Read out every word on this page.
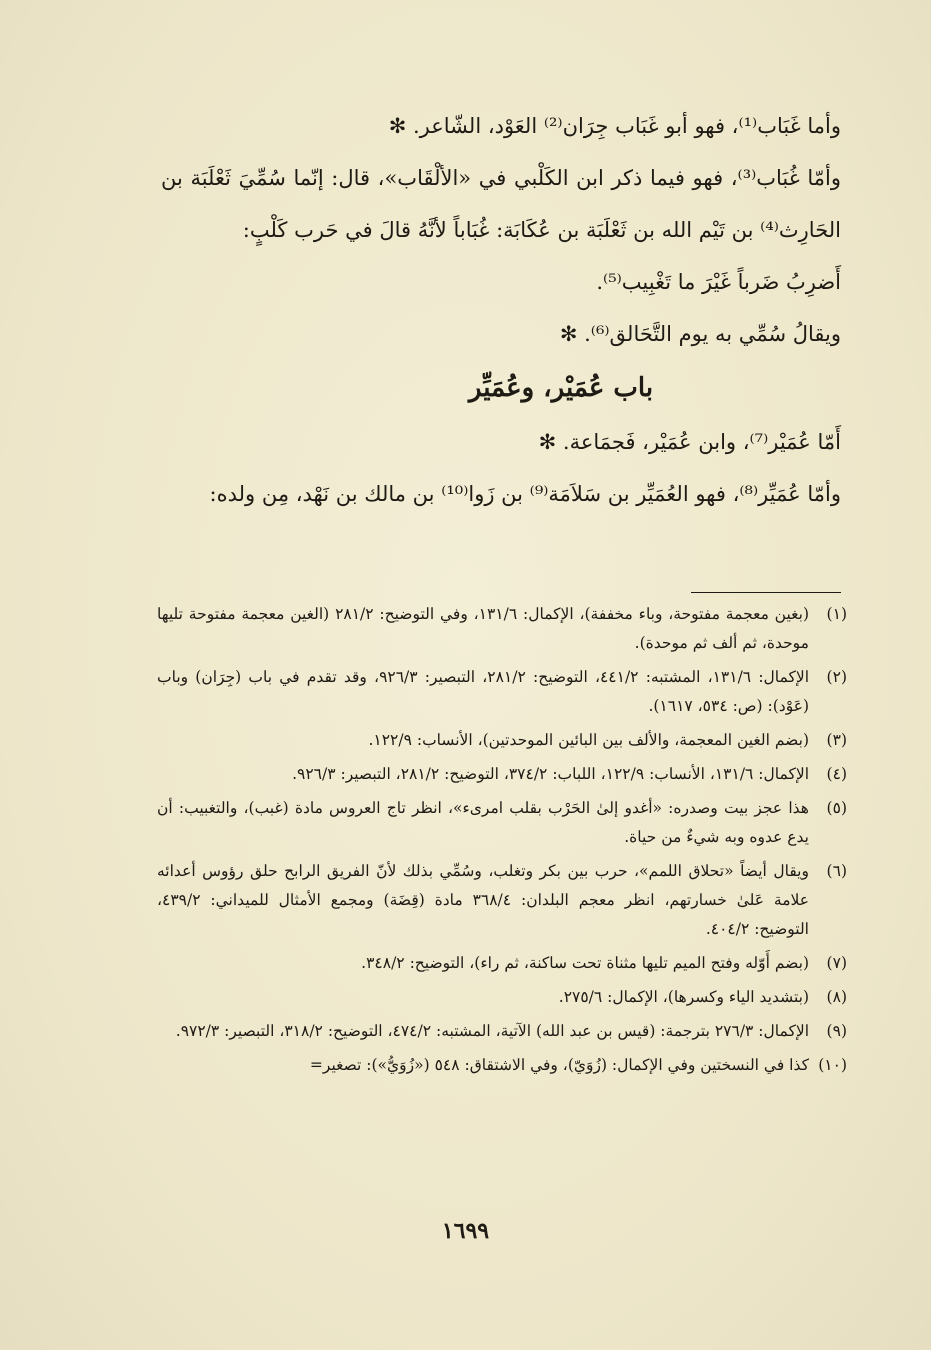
وأما غَبَاب⁽¹⁾، فهو أبو غَبَاب جِرَان⁽²⁾ العَوْد، الشّاعر. ✻

وأمّا غُبَاب⁽³⁾، فهو فيما ذكر ابن الكَلْبي في «الألْقَاب»، قال: إنّما سُمِّيَ ثَعْلَبَة بن الحَارِث⁽⁴⁾ بن تَيْم الله بن ثَعْلَبَة بن عُكَابَة: غُبَاباً لأنَّهُ قالَ في حَرب كَلْبٍ:

أَضرِبُ ضَرباً غَيْرَ ما تَغْبِيب⁽⁵⁾.

ويقالُ سُمِّي به يوم التَّحَالق⁽⁶⁾. ✻

باب عُمَيْر، وعُمَيِّر

أَمّا عُمَيْر⁽⁷⁾، وابن عُمَيْر، فَجمَاعة. ✻

وأمّا عُمَيِّر⁽⁸⁾، فهو العُمَيِّر بن سَلاَمَة⁽⁹⁾ بن زَوا⁽¹⁰⁾ بن مالك بن نَهْد، مِن ولده:

(١)
(بغين معجمة مفتوحة، وباء مخففة)، الإكمال: ١٣١/٦، وفي التوضيح: ٢٨١/٢ (الغين معجمة مفتوحة تليها موحدة، ثم ألف ثم موحدة).
(٢)
الإكمال: ١٣١/٦، المشتبه: ٤٤١/٢، التوضيح: ٢٨١/٢، التبصير: ٩٢٦/٣، وقد تقدم في باب (جِرَان) وباب (عَوْد): (ص: ٥٣٤، ١٦١٧).
(٣)
(بضم الغين المعجمة، والألف بين البائين الموحدتين)، الأنساب: ١٢٢/٩.
(٤)
الإكمال: ١٣١/٦، الأنساب: ١٢٢/٩، اللباب: ٣٧٤/٢، التوضيح: ٢٨١/٢، التبصير: ٩٢٦/٣.
(٥)
هذا عجز بيت وصدره: «أغدو إلىٰ الحَرْب بقلب امرىء»، انظر تاج العروس مادة (غبب)، والتغبيب: أن يدع عدوه وبه شيءٌ من حياة.
(٦)
ويقال أيضاً «تحلاق اللمم»، حرب بين بكر وتغلب، وسُمِّي بذلك لأنّ الفريق الرابح حلق رؤوس أعدائه علامة عَلىٰ خسارتهم، انظر معجم البلدان: ٣٦٨/٤ مادة (قِضَة) ومجمع الأمثال للميداني: ٤٣٩/٢، التوضيح: ٤٠٤/٢.
(٧)
(بضم أَوّله وفتح الميم تليها مثناة تحت ساكنة، ثم راء)، التوضيح: ٣٤٨/٢.
(٨)
(بتشديد الياء وكسرها)، الإكمال: ٢٧٥/٦.
(٩)
الإكمال: ٢٧٦/٣ بترجمة: (قيس بن عبد الله) الآتية، المشتبه: ٤٧٤/٢، التوضيح: ٣١٨/٢، التبصير: ٩٧٢/٣.
(١٠)
كذا في النسختين وفي الإكمال: (زُوَيّ)، وفي الاشتقاق: ٥٤٨ («زُوَيُّ»): تصغير=
١٦٩٩
